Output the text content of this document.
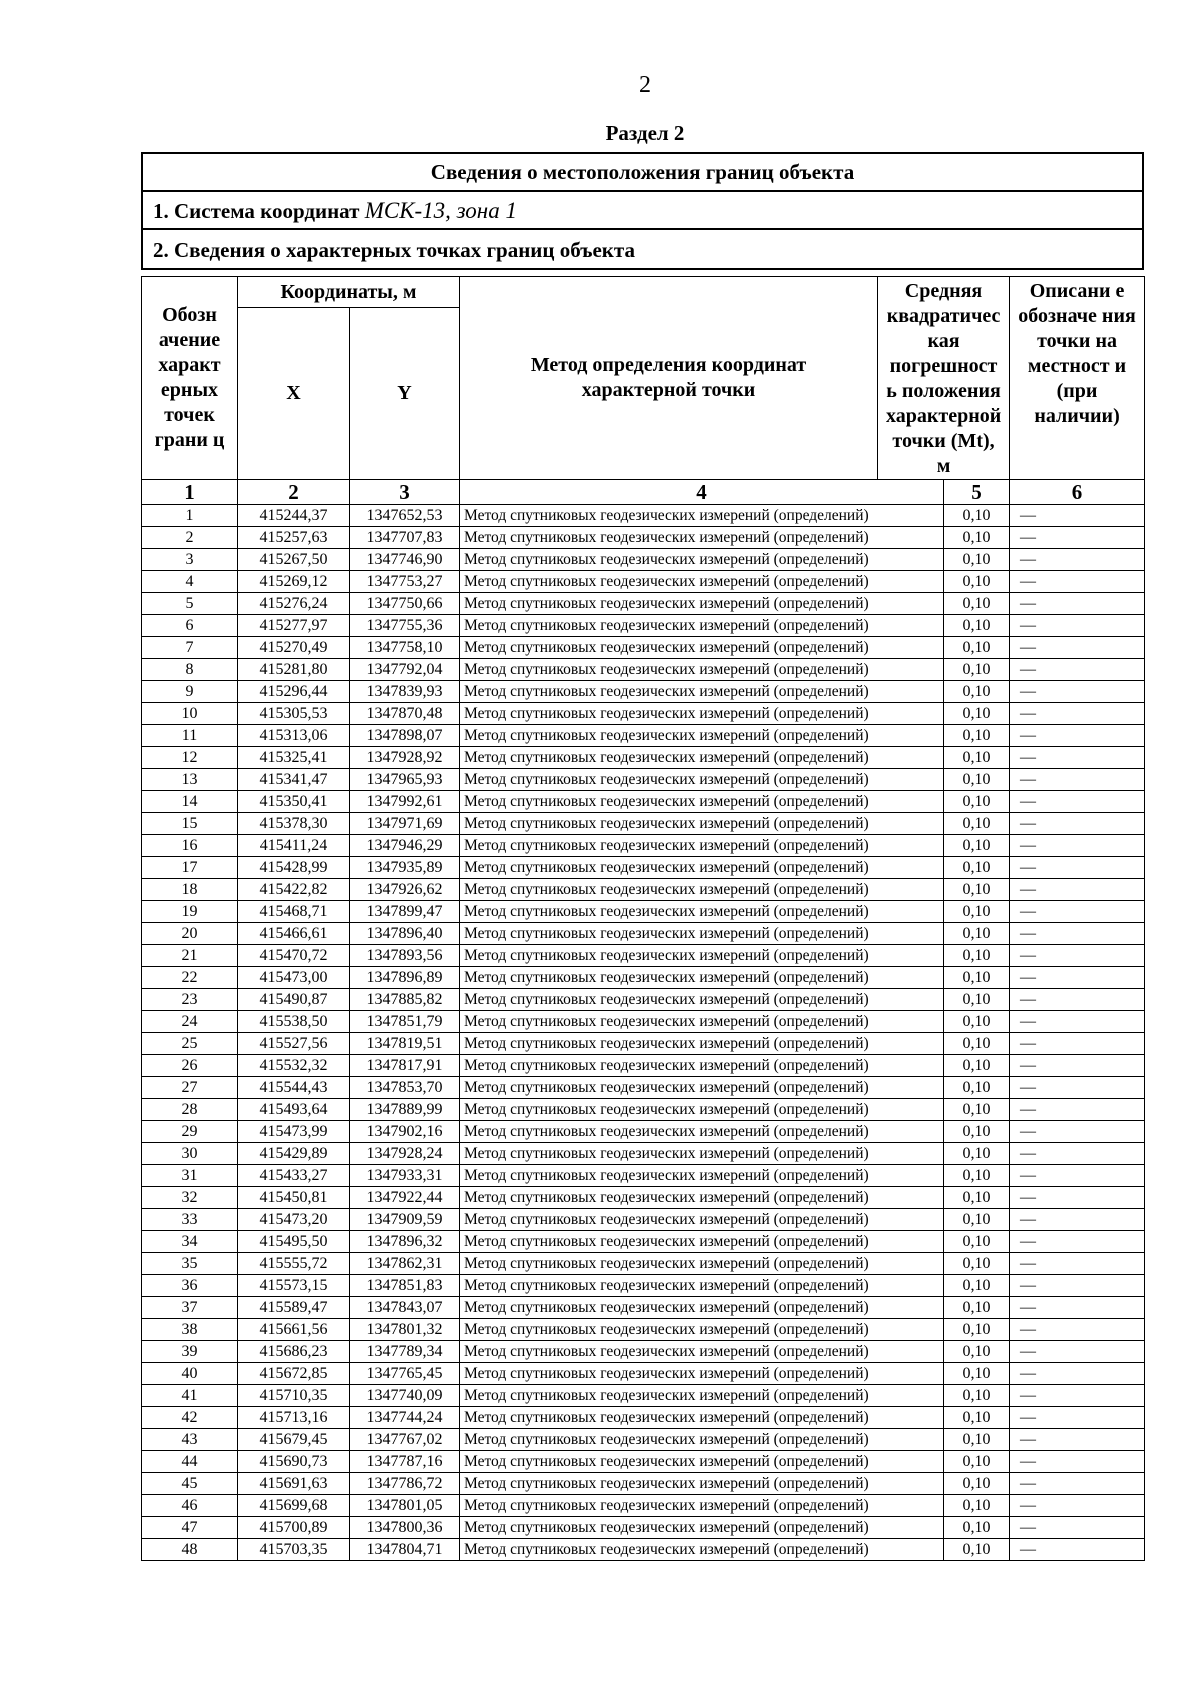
2
Раздел 2
Сведения о местоположения границ объекта
1. Система координат МСК-13, зона 1
2. Сведения о характерных точках границ объекта
Обозн ачение характ ерных точек грани ц	Координаты, м		Метод определения координат характерной точки	Средняя квадратичес кая погрешност ь положения характерной точки (Mt), м		Описани е обозначе ния точки на местност и (при наличии)
	X	Y				
1	2	3	4		5	6
1	415244,37	1347652,53	Метод спутниковых геодезических измерений (определений)		0,10	—
2	415257,63	1347707,83	Метод спутниковых геодезических измерений (определений)		0,10	—
3	415267,50	1347746,90	Метод спутниковых геодезических измерений (определений)		0,10	—
4	415269,12	1347753,27	Метод спутниковых геодезических измерений (определений)		0,10	—
5	415276,24	1347750,66	Метод спутниковых геодезических измерений (определений)		0,10	—
6	415277,97	1347755,36	Метод спутниковых геодезических измерений (определений)		0,10	—
7	415270,49	1347758,10	Метод спутниковых геодезических измерений (определений)		0,10	—
8	415281,80	1347792,04	Метод спутниковых геодезических измерений (определений)		0,10	—
9	415296,44	1347839,93	Метод спутниковых геодезических измерений (определений)		0,10	—
10	415305,53	1347870,48	Метод спутниковых геодезических измерений (определений)		0,10	—
11	415313,06	1347898,07	Метод спутниковых геодезических измерений (определений)		0,10	—
12	415325,41	1347928,92	Метод спутниковых геодезических измерений (определений)		0,10	—
13	415341,47	1347965,93	Метод спутниковых геодезических измерений (определений)		0,10	—
14	415350,41	1347992,61	Метод спутниковых геодезических измерений (определений)		0,10	—
15	415378,30	1347971,69	Метод спутниковых геодезических измерений (определений)		0,10	—
16	415411,24	1347946,29	Метод спутниковых геодезических измерений (определений)		0,10	—
17	415428,99	1347935,89	Метод спутниковых геодезических измерений (определений)		0,10	—
18	415422,82	1347926,62	Метод спутниковых геодезических измерений (определений)		0,10	—
19	415468,71	1347899,47	Метод спутниковых геодезических измерений (определений)		0,10	—
20	415466,61	1347896,40	Метод спутниковых геодезических измерений (определений)		0,10	—
21	415470,72	1347893,56	Метод спутниковых геодезических измерений (определений)		0,10	—
22	415473,00	1347896,89	Метод спутниковых геодезических измерений (определений)		0,10	—
23	415490,87	1347885,82	Метод спутниковых геодезических измерений (определений)		0,10	—
24	415538,50	1347851,79	Метод спутниковых геодезических измерений (определений)		0,10	—
25	415527,56	1347819,51	Метод спутниковых геодезических измерений (определений)		0,10	—
26	415532,32	1347817,91	Метод спутниковых геодезических измерений (определений)		0,10	—
27	415544,43	1347853,70	Метод спутниковых геодезических измерений (определений)		0,10	—
28	415493,64	1347889,99	Метод спутниковых геодезических измерений (определений)		0,10	—
29	415473,99	1347902,16	Метод спутниковых геодезических измерений (определений)		0,10	—
30	415429,89	1347928,24	Метод спутниковых геодезических измерений (определений)		0,10	—
31	415433,27	1347933,31	Метод спутниковых геодезических измерений (определений)		0,10	—
32	415450,81	1347922,44	Метод спутниковых геодезических измерений (определений)		0,10	—
33	415473,20	1347909,59	Метод спутниковых геодезических измерений (определений)		0,10	—
34	415495,50	1347896,32	Метод спутниковых геодезических измерений (определений)		0,10	—
35	415555,72	1347862,31	Метод спутниковых геодезических измерений (определений)		0,10	—
36	415573,15	1347851,83	Метод спутниковых геодезических измерений (определений)		0,10	—
37	415589,47	1347843,07	Метод спутниковых геодезических измерений (определений)		0,10	—
38	415661,56	1347801,32	Метод спутниковых геодезических измерений (определений)		0,10	—
39	415686,23	1347789,34	Метод спутниковых геодезических измерений (определений)		0,10	—
40	415672,85	1347765,45	Метод спутниковых геодезических измерений (определений)		0,10	—
41	415710,35	1347740,09	Метод спутниковых геодезических измерений (определений)		0,10	—
42	415713,16	1347744,24	Метод спутниковых геодезических измерений (определений)		0,10	—
43	415679,45	1347767,02	Метод спутниковых геодезических измерений (определений)		0,10	—
44	415690,73	1347787,16	Метод спутниковых геодезических измерений (определений)		0,10	—
45	415691,63	1347786,72	Метод спутниковых геодезических измерений (определений)		0,10	—
46	415699,68	1347801,05	Метод спутниковых геодезических измерений (определений)		0,10	—
47	415700,89	1347800,36	Метод спутниковых геодезических измерений (определений)		0,10	—
48	415703,35	1347804,71	Метод спутниковых геодезических измерений (определений)		0,10	—
